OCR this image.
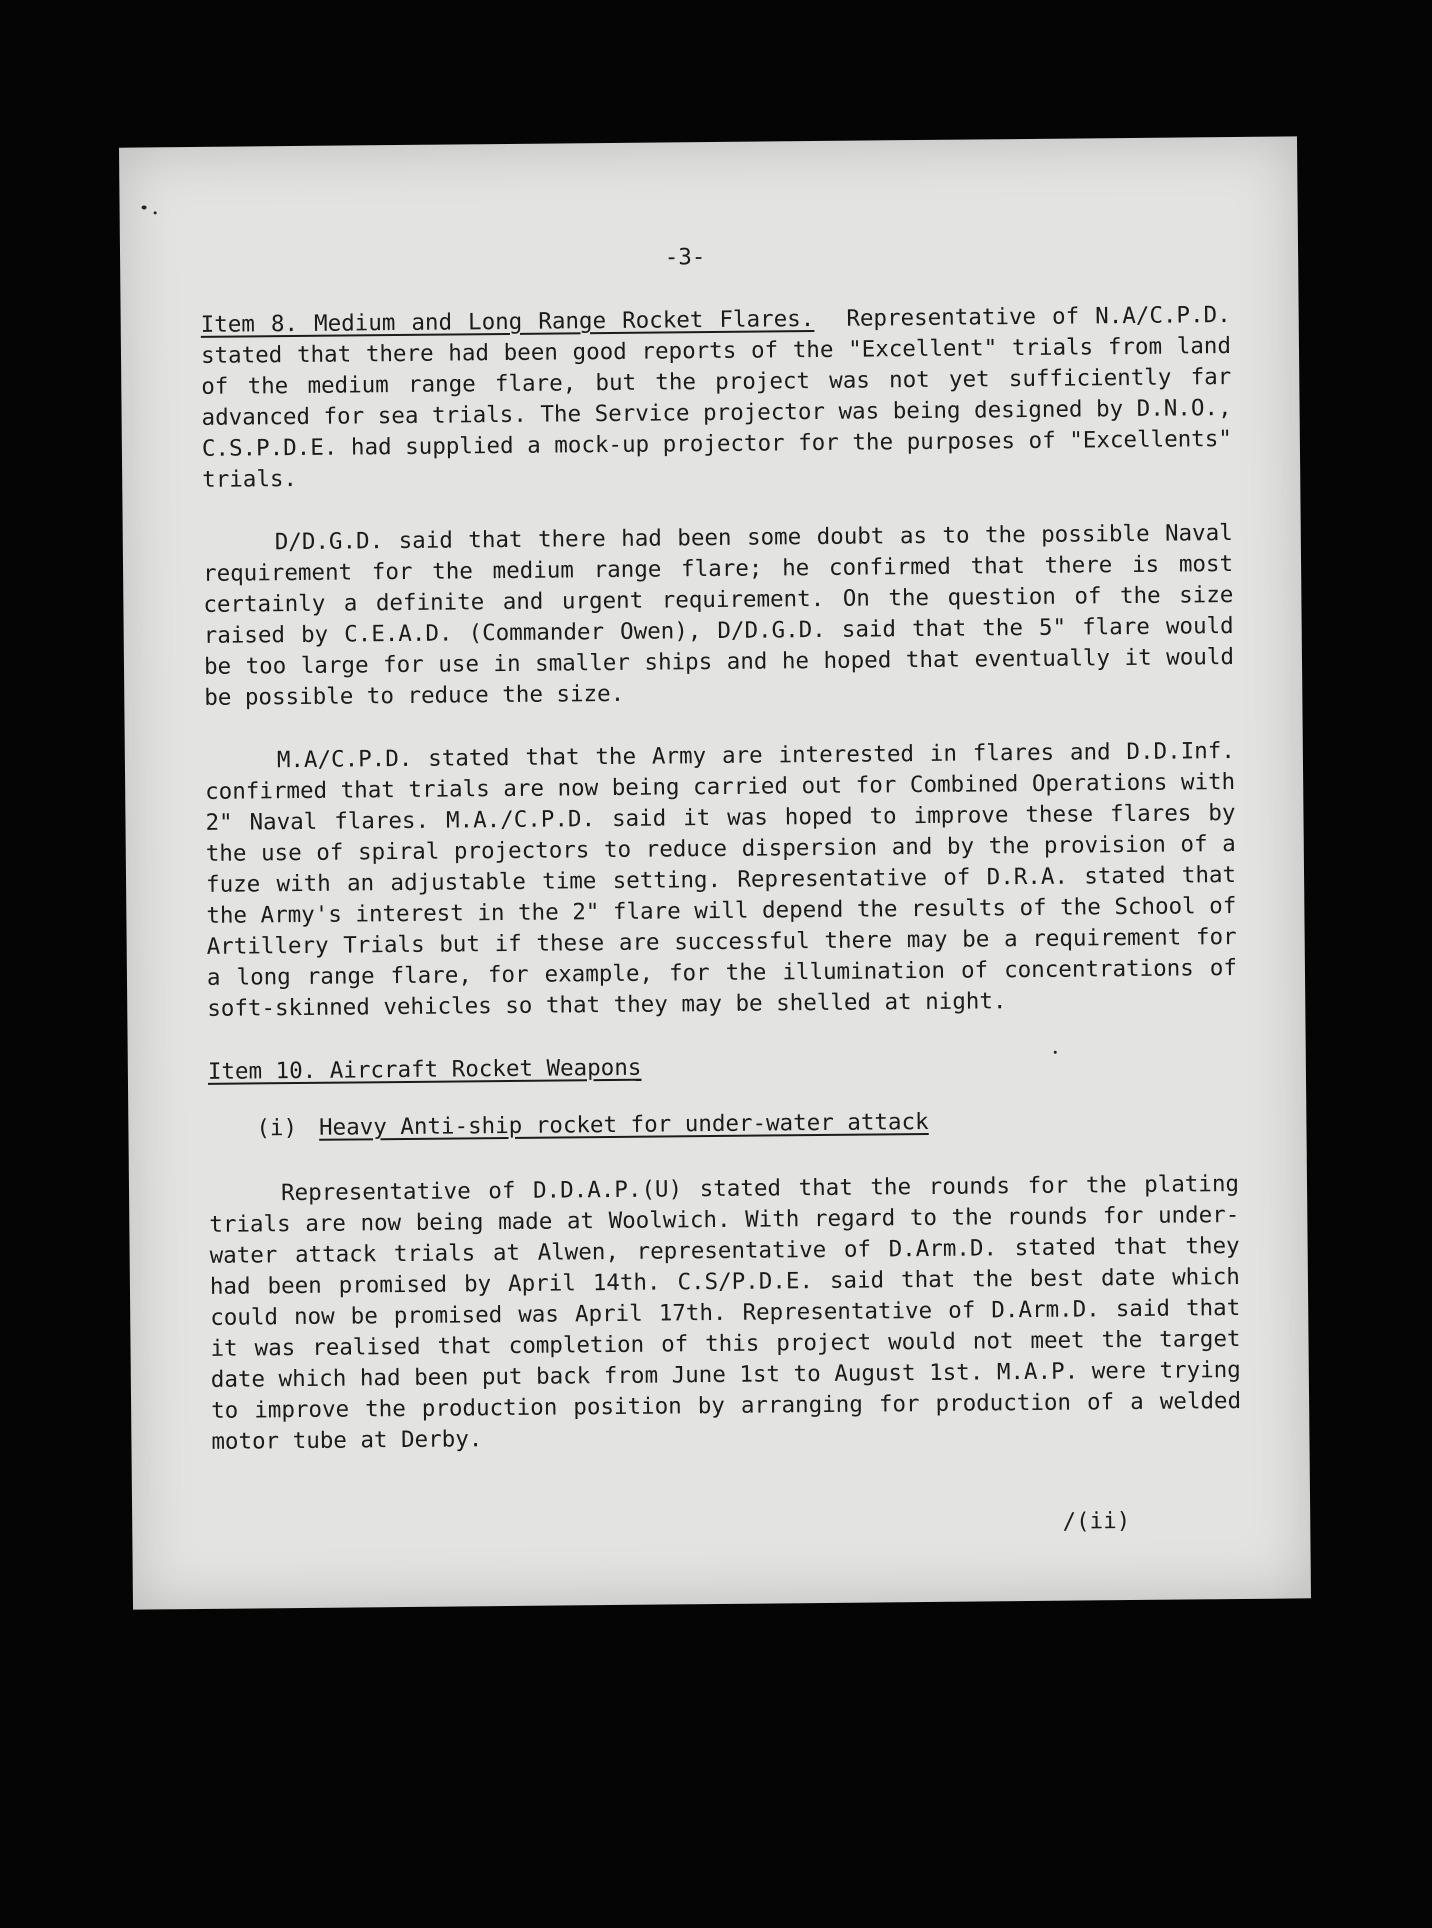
-3-

Item 8. Medium and Long Range Rocket Flares. Representative of N.A/C.P.D. stated that there had been good reports of the "Excellent" trials from land of the medium range flare, but the project was not yet sufficiently far advanced for sea trials. The Service projector was being designed by D.N.O., C.S.P.D.E. had supplied a mock-up projector for the purposes of "Excellents" trials.

D/D.G.D. said that there had been some doubt as to the possible Naval requirement for the medium range flare; he confirmed that there is most certainly a definite and urgent requirement. On the question of the size raised by C.E.A.D. (Commander Owen), D/D.G.D. said that the 5" flare would be too large for use in smaller ships and he hoped that eventually it would be possible to reduce the size.

M.A/C.P.D. stated that the Army are interested in flares and D.D.Inf. confirmed that trials are now being carried out for Combined Operations with 2" Naval flares. M.A./C.P.D. said it was hoped to improve these flares by the use of spiral projectors to reduce dispersion and by the provision of a fuze with an adjustable time setting. Representative of D.R.A. stated that the Army's interest in the 2" flare will depend the results of the School of Artillery Trials but if these are successful there may be a requirement for a long range flare, for example, for the illumination of concentrations of soft-skinned vehicles so that they may be shelled at night.

Item 10. Aircraft Rocket Weapons
(i) Heavy Anti-ship rocket for under-water attack

Representative of D.D.A.P.(U) stated that the rounds for the plating trials are now being made at Woolwich. With regard to the rounds for under-water attack trials at Alwen, representative of D.Arm.D. stated that they had been promised by April 14th. C.S/P.D.E. said that the best date which could now be promised was April 17th. Representative of D.Arm.D. said that it was realised that completion of this project would not meet the target date which had been put back from June 1st to August 1st. M.A.P. were trying to improve the production position by arranging for production of a welded motor tube at Derby.

/(ii)
